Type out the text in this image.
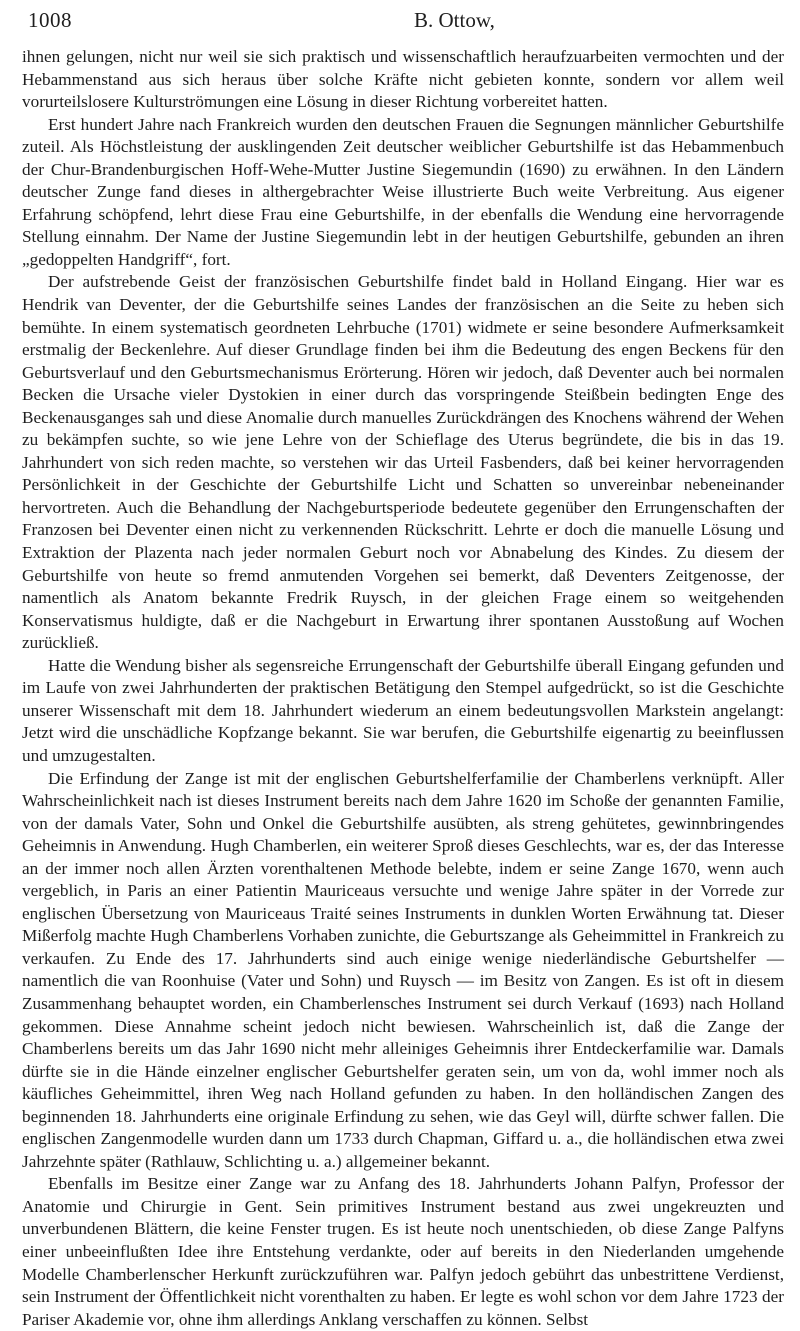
1008	B. Ottow,

ihnen gelungen, nicht nur weil sie sich praktisch und wissenschaftlich heraufzuarbeiten vermochten und der Hebammenstand aus sich heraus über solche Kräfte nicht gebieten konnte, sondern vor allem weil vorurteilslosere Kulturströmungen eine Lösung in dieser Richtung vorbereitet hatten.

Erst hundert Jahre nach Frankreich wurden den deutschen Frauen die Segnungen männlicher Geburtshilfe zuteil. Als Höchstleistung der ausklingenden Zeit deutscher weiblicher Geburtshilfe ist das Hebammenbuch der Chur-Brandenburgischen Hoff-Wehe-Mutter Justine Siegemundin (1690) zu erwähnen. In den Ländern deutscher Zunge fand dieses in althergebrachter Weise illustrierte Buch weite Verbreitung. Aus eigener Erfahrung schöpfend, lehrt diese Frau eine Geburtshilfe, in der ebenfalls die Wendung eine hervorragende Stellung einnahm. Der Name der Justine Siegemundin lebt in der heutigen Geburtshilfe, gebunden an ihren „gedoppelten Handgriff“, fort.

Der aufstrebende Geist der französischen Geburtshilfe findet bald in Holland Eingang. Hier war es Hendrik van Deventer, der die Geburtshilfe seines Landes der französischen an die Seite zu heben sich bemühte. In einem systematisch geordneten Lehrbuche (1701) widmete er seine besondere Aufmerksamkeit erstmalig der Beckenlehre. Auf dieser Grundlage finden bei ihm die Bedeutung des engen Beckens für den Geburtsverlauf und den Geburtsmechanismus Erörterung. Hören wir jedoch, daß Deventer auch bei normalen Becken die Ursache vieler Dystokien in einer durch das vorspringende Steißbein bedingten Enge des Beckenausganges sah und diese Anomalie durch manuelles Zurückdrängen des Knochens während der Wehen zu bekämpfen suchte, so wie jene Lehre von der Schieflage des Uterus begründete, die bis in das 19. Jahrhundert von sich reden machte, so verstehen wir das Urteil Fasbenders, daß bei keiner hervorragenden Persönlichkeit in der Geschichte der Geburtshilfe Licht und Schatten so unvereinbar nebeneinander hervortreten. Auch die Behandlung der Nachgeburtsperiode bedeutete gegenüber den Errungenschaften der Franzosen bei Deventer einen nicht zu verkennenden Rückschritt. Lehrte er doch die manuelle Lösung und Extraktion der Plazenta nach jeder normalen Geburt noch vor Abnabelung des Kindes. Zu diesem der Geburtshilfe von heute so fremd anmutenden Vorgehen sei bemerkt, daß Deventers Zeitgenosse, der namentlich als Anatom bekannte Fredrik Ruysch, in der gleichen Frage einem so weitgehenden Konservatismus huldigte, daß er die Nachgeburt in Erwartung ihrer spontanen Ausstoßung auf Wochen zurückließ.

Hatte die Wendung bisher als segensreiche Errungenschaft der Geburtshilfe überall Eingang gefunden und im Laufe von zwei Jahrhunderten der praktischen Betätigung den Stempel aufgedrückt, so ist die Geschichte unserer Wissenschaft mit dem 18. Jahrhundert wiederum an einem bedeutungsvollen Markstein angelangt: Jetzt wird die unschädliche Kopfzange bekannt. Sie war berufen, die Geburtshilfe eigenartig zu beeinflussen und umzugestalten.

Die Erfindung der Zange ist mit der englischen Geburtshelferfamilie der Chamberlens verknüpft. Aller Wahrscheinlichkeit nach ist dieses Instrument bereits nach dem Jahre 1620 im Schoße der genannten Familie, von der damals Vater, Sohn und Onkel die Geburtshilfe ausübten, als streng gehütetes, gewinnbringendes Geheimnis in Anwendung. Hugh Chamberlen, ein weiterer Sproß dieses Geschlechts, war es, der das Interesse an der immer noch allen Ärzten vorenthaltenen Methode belebte, indem er seine Zange 1670, wenn auch vergeblich, in Paris an einer Patientin Mauriceaus versuchte und wenige Jahre später in der Vorrede zur englischen Übersetzung von Mauriceaus Traité seines Instruments in dunklen Worten Erwähnung tat. Dieser Mißerfolg machte Hugh Chamberlens Vorhaben zunichte, die Geburtszange als Geheimmittel in Frankreich zu verkaufen. Zu Ende des 17. Jahrhunderts sind auch einige wenige niederländische Geburtshelfer — namentlich die van Roonhuise (Vater und Sohn) und Ruysch — im Besitz von Zangen. Es ist oft in diesem Zusammenhang behauptet worden, ein Chamberlensches Instrument sei durch Verkauf (1693) nach Holland gekommen. Diese Annahme scheint jedoch nicht bewiesen. Wahrscheinlich ist, daß die Zange der Chamberlens bereits um das Jahr 1690 nicht mehr alleiniges Geheimnis ihrer Entdeckerfamilie war. Damals dürfte sie in die Hände einzelner englischer Geburtshelfer geraten sein, um von da, wohl immer noch als käufliches Geheimmittel, ihren Weg nach Holland gefunden zu haben. In den holländischen Zangen des beginnenden 18. Jahrhunderts eine originale Erfindung zu sehen, wie das Geyl will, dürfte schwer fallen. Die englischen Zangenmodelle wurden dann um 1733 durch Chapman, Giffard u. a., die holländischen etwa zwei Jahrzehnte später (Rathlauw, Schlichting u. a.) allgemeiner bekannt.

Ebenfalls im Besitze einer Zange war zu Anfang des 18. Jahrhunderts Johann Palfyn, Professor der Anatomie und Chirurgie in Gent. Sein primitives Instrument bestand aus zwei ungekreuzten und unverbundenen Blättern, die keine Fenster trugen. Es ist heute noch unentschieden, ob diese Zange Palfyns einer unbeeinflußten Idee ihre Entstehung verdankte, oder auf bereits in den Niederlanden umgehende Modelle Chamberlenscher Herkunft zurückzuführen war. Palfyn jedoch gebührt das unbestrittene Verdienst, sein Instrument der Öffentlichkeit nicht vorenthalten zu haben. Er legte es wohl schon vor dem Jahre 1723 der Pariser Akademie vor, ohne ihm allerdings Anklang verschaffen zu können. Selbst
